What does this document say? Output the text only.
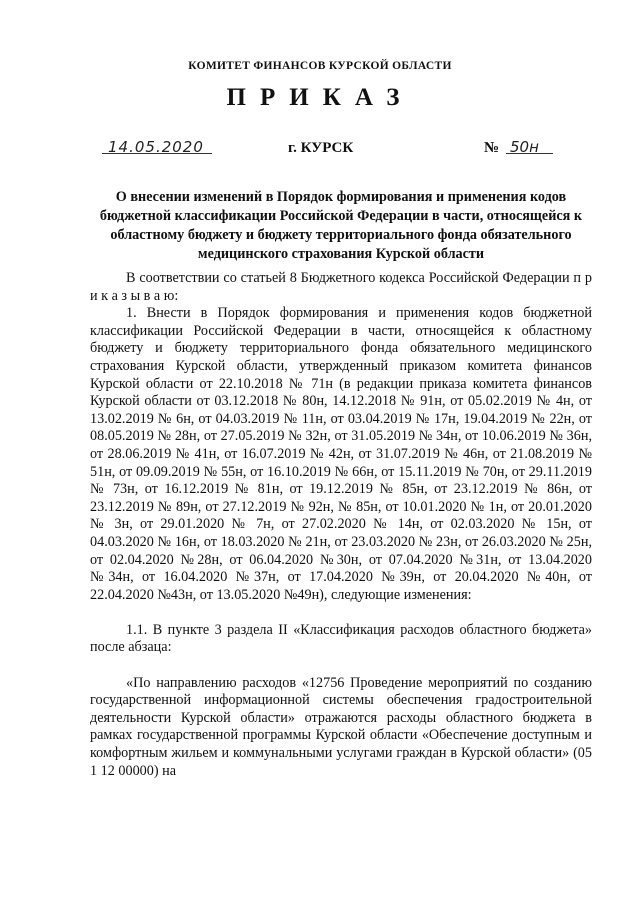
КОМИТЕТ ФИНАНСОВ КУРСКОЙ ОБЛАСТИ
ПРИКАЗ
14.05.2020	г. КУРСК	№ 50н
О внесении изменений в Порядок формирования и применения кодов бюджетной классификации Российской Федерации в части, относящейся к областному бюджету и бюджету территориального фонда обязательного медицинского страхования Курской области

В соответствии со статьей 8 Бюджетного кодекса Российской Федерации п р и к а з ы в а ю:

1. Внести в Порядок формирования и применения кодов бюджетной классификации Российской Федерации в части, относящейся к областному бюджету и бюджету территориального фонда обязательного медицинского страхования Курской области, утвержденный приказом комитета финансов Курской области от 22.10.2018 № 71н (в редакции приказа комитета финансов Курской области от 03.12.2018 № 80н, 14.12.2018 № 91н, от 05.02.2019 № 4н, от 13.02.2019 № 6н, от 04.03.2019 № 11н, от 03.04.2019 № 17н, 19.04.2019 № 22н, от 08.05.2019 № 28н, от 27.05.2019 № 32н, от 31.05.2019 № 34н, от 10.06.2019 № 36н, от 28.06.2019 № 41н, от 16.07.2019 № 42н, от 31.07.2019 № 46н, от 21.08.2019 № 51н, от 09.09.2019 № 55н, от 16.10.2019 № 66н, от 15.11.2019 № 70н, от 29.11.2019 № 73н, от 16.12.2019 № 81н, от 19.12.2019 № 85н, от 23.12.2019 № 86н, от 23.12.2019 № 89н, от 27.12.2019 № 92н, № 85н, от 10.01.2020 № 1н, от 20.01.2020 № 3н, от 29.01.2020 № 7н, от 27.02.2020 № 14н, от 02.03.2020 № 15н, от 04.03.2020 № 16н, от 18.03.2020 № 21н, от 23.03.2020 № 23н, от 26.03.2020 № 25н, от 02.04.2020 №28н, от 06.04.2020 №30н, от 07.04.2020 №31н, от 13.04.2020 №34н, от 16.04.2020 №37н, от 17.04.2020 №39н, от 20.04.2020 №40н, от 22.04.2020 №43н, от 13.05.2020 №49н), следующие изменения:

1.1. В пункте 3 раздела II «Классификация расходов областного бюджета» после абзаца:

«По направлению расходов «12756 Проведение мероприятий по созданию государственной информационной системы обеспечения градостроительной деятельности Курской области» отражаются расходы областного бюджета в рамках государственной программы Курской области «Обеспечение доступным и комфортным жильем и коммунальными услугами граждан в Курской области» (05 1 12 00000) на
